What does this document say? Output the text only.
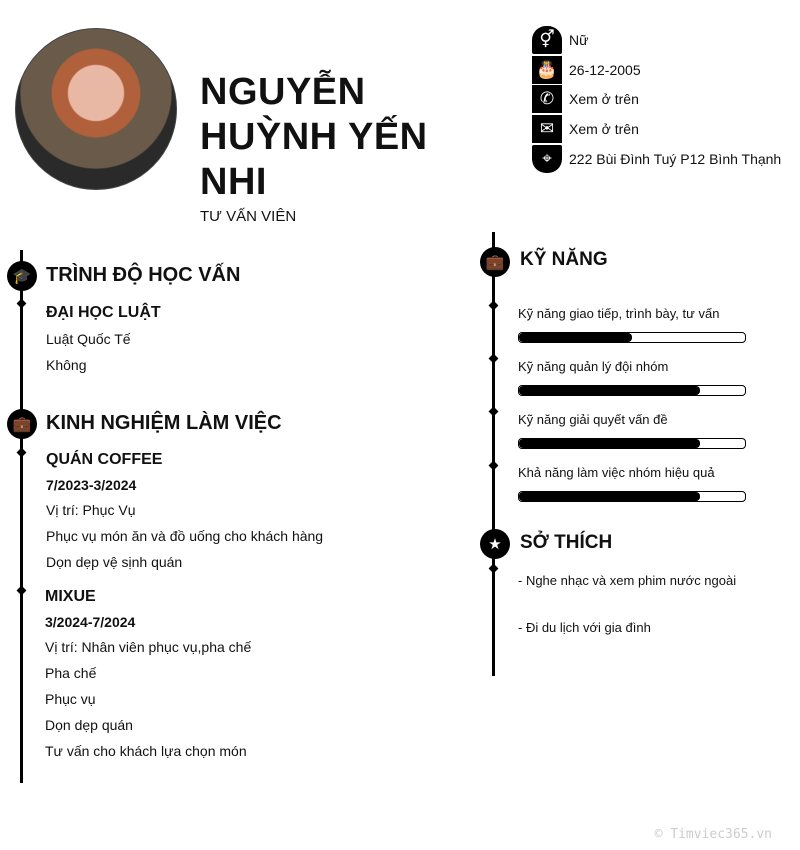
NGUYỄN
HUỲNH YẾN
NHI
TƯ VẤN VIÊN
⚥	Nữ
🎂 26-12-2005
✆	Xem ở trên
✉	Xem ở trên
⌖	222 Bùi Đình Tuý P12 Bình Thạnh
🎓 TRÌNH ĐỘ HỌC VẤN
ĐẠI HỌC LUẬT
Luật Quốc Tế
Không
💼 KINH NGHIỆM LÀM VIỆC
QUÁN COFFEE
7/2023-3/2024
Vị trí: Phục Vụ
Phục vụ món ăn và đồ uống cho khách hàng
Dọn dẹp vệ sịnh quán
MIXUE
3/2024-7/2024
Vị trí: Nhân viên phục vụ,pha chế
Pha chế
Phục vụ
Dọn dẹp quán
Tư vấn cho khách lựa chọn món
💼 KỸ NĂNG
Kỹ năng giao tiếp, trình bày, tư vấn
Kỹ năng quản lý đội nhóm
Kỹ năng giải quyết vấn đề
Khả năng làm việc nhóm hiệu quả
★ SỞ THÍCH
- Nghe nhạc và xem phim nước ngoài
- Đi du lịch với gia đình
© Timviec365.vn
